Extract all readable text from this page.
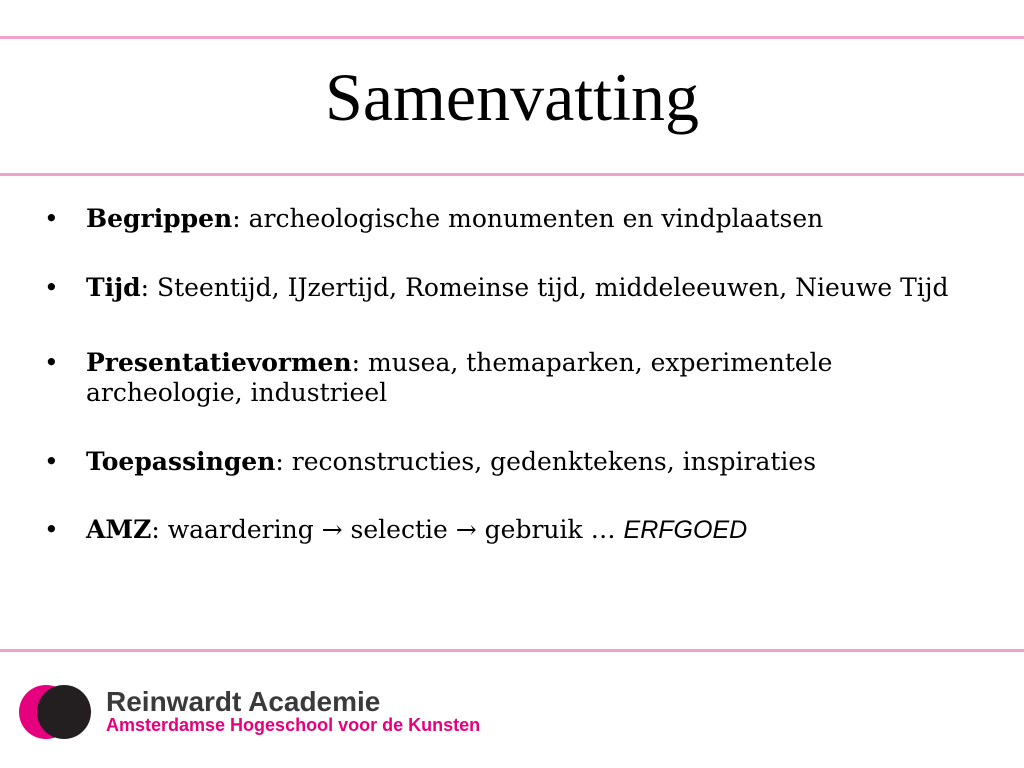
Samenvatting
• Begrippen: archeologische monumenten en vindplaatsen
• Tijd: Steentijd, IJzertijd, Romeinse tijd, middeleeuwen, Nieuwe Tijd
• Presentatievormen: musea, themaparken, experimentele archeologie, industrieel
• Toepassingen: reconstructies, gedenktekens, inspiraties
• AMZ: waardering → selectie → gebruik … ERFGOED
Reinwardt Academie
Amsterdamse Hogeschool voor de Kunsten
